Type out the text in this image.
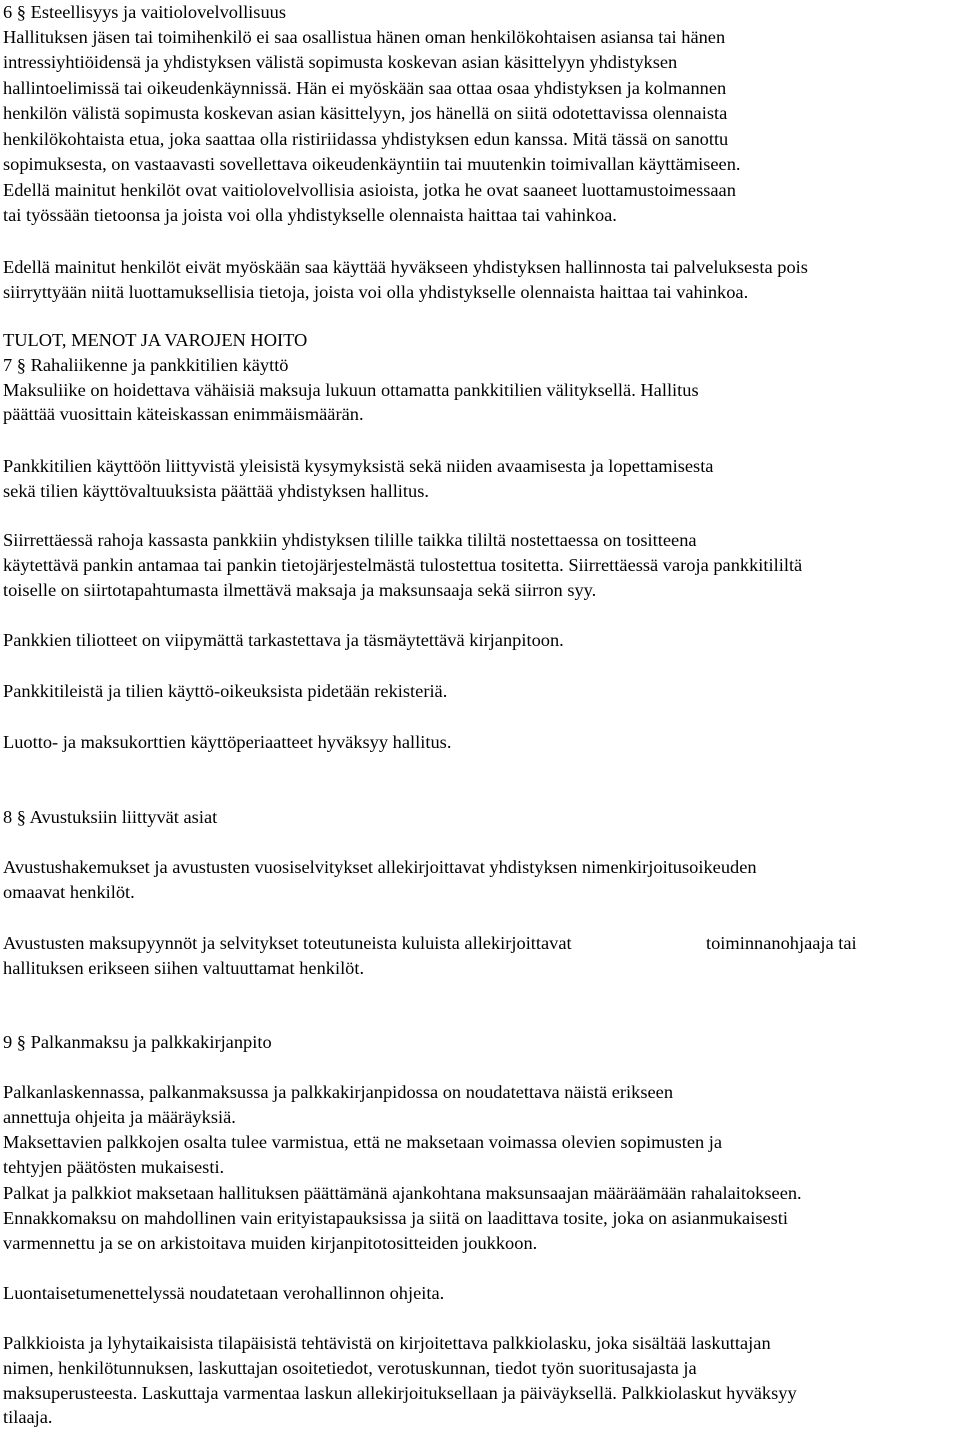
6 § Esteellisyys ja vaitiolovelvollisuus
Hallituksen jäsen tai toimihenkilö ei saa osallistua hänen oman henkilökohtaisen asiansa tai hänen
intressiyhtiöidensä ja yhdistyksen välistä sopimusta koskevan asian käsittelyyn yhdistyksen
hallintoelimissä tai oikeudenkäynnissä. Hän ei myöskään saa ottaa osaa yhdistyksen ja kolmannen
henkilön välistä sopimusta koskevan asian käsittelyyn, jos hänellä on siitä odotettavissa olennaista
henkilökohtaista etua, joka saattaa olla ristiriidassa yhdistyksen edun kanssa. Mitä tässä on sanottu
sopimuksesta, on vastaavasti sovellettava oikeudenkäyntiin tai muutenkin toimivallan käyttämiseen.
Edellä mainitut henkilöt ovat vaitiolovelvollisia asioista, jotka he ovat saaneet luottamustoimessaan
tai työssään tietoonsa ja joista voi olla yhdistykselle olennaista haittaa tai vahinkoa.
Edellä mainitut henkilöt eivät myöskään saa käyttää hyväkseen yhdistyksen hallinnosta tai palveluksesta pois
siirryttyään niitä luottamuksellisia tietoja, joista voi olla yhdistykselle olennaista haittaa tai vahinkoa.
TULOT, MENOT JA VAROJEN HOITO
7 § Rahaliikenne ja pankkitilien käyttö
Maksuliike on hoidettava vähäisiä maksuja lukuun ottamatta pankkitilien välityksellä. Hallitus
päättää vuosittain käteiskassan enimmäismäärän.
Pankkitilien käyttöön liittyvistä yleisistä kysymyksistä sekä niiden avaamisesta ja lopettamisesta
sekä tilien käyttövaltuuksista päättää yhdistyksen hallitus.
Siirrettäessä rahoja kassasta pankkiin yhdistyksen tilille taikka tililtä nostettaessa on tositteena
käytettävä pankin antamaa tai pankin tietojärjestelmästä tulostettua tositetta. Siirrettäessä varoja pankkitililtä
toiselle on siirtotapahtumasta ilmettävä maksaja ja maksunsaaja sekä siirron syy.
Pankkien tiliotteet on viipymättä tarkastettava ja täsmäytettävä kirjanpitoon.
Pankkitileistä ja tilien käyttö-oikeuksista pidetään rekisteriä.
Luotto- ja maksukorttien käyttöperiaatteet hyväksyy hallitus.
8 § Avustuksiin liittyvät asiat
Avustushakemukset ja avustusten vuosiselvitykset allekirjoittavat yhdistyksen nimenkirjoitusoikeuden
omaavat henkilöt.
Avustusten maksupyynnöt ja selvitykset toteutuneista kuluista allekirjoittavat	toiminnanohjaaja tai
hallituksen erikseen siihen valtuuttamat henkilöt.
9 § Palkanmaksu ja palkkakirjanpito
Palkanlaskennassa, palkanmaksussa ja palkkakirjanpidossa on noudatettava näistä erikseen
annettuja ohjeita ja määräyksiä.
Maksettavien palkkojen osalta tulee varmistua, että ne maksetaan voimassa olevien sopimusten ja
tehtyjen päätösten mukaisesti.
Palkat ja palkkiot maksetaan hallituksen päättämänä ajankohtana maksunsaajan määräämään rahalaitokseen.
Ennakkomaksu on mahdollinen vain erityistapauksissa ja siitä on laadittava tosite, joka on asianmukaisesti
varmennettu ja se on arkistoitava muiden kirjanpitotositteiden joukkoon.
Luontaisetumenettelyssä noudatetaan verohallinnon ohjeita.
Palkkioista ja lyhytaikaisista tilapäisistä tehtävistä on kirjoitettava palkkiolasku, joka sisältää laskuttajan
nimen, henkilötunnuksen, laskuttajan osoitetiedot, verotuskunnan, tiedot työn suoritusajasta ja
maksuperusteesta. Laskuttaja varmentaa laskun allekirjoituksellaan ja päiväyksellä. Palkkiolaskut hyväksyy
tilaaja.
